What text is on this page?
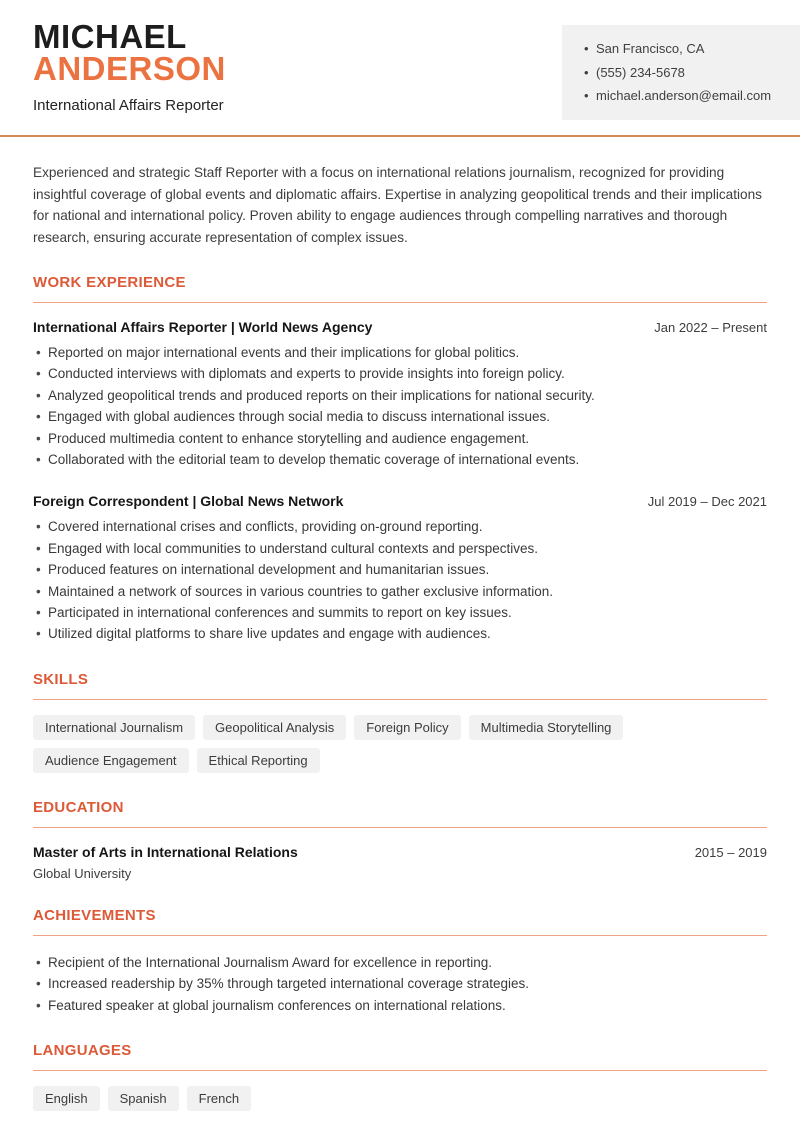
MICHAEL
ANDERSON
International Affairs Reporter
• San Francisco, CA
• (555) 234-5678
• michael.anderson@email.com

Experienced and strategic Staff Reporter with a focus on international relations journalism, recognized for providing insightful coverage of global events and diplomatic affairs. Expertise in analyzing geopolitical trends and their implications for national and international policy. Proven ability to engage audiences through compelling narratives and thorough research, ensuring accurate representation of complex issues.

WORK EXPERIENCE
International Affairs Reporter | World News Agency	Jan 2022 – Present
• Reported on major international events and their implications for global politics.
• Conducted interviews with diplomats and experts to provide insights into foreign policy.
• Analyzed geopolitical trends and produced reports on their implications for national security.
• Engaged with global audiences through social media to discuss international issues.
• Produced multimedia content to enhance storytelling and audience engagement.
• Collaborated with the editorial team to develop thematic coverage of international events.
Foreign Correspondent | Global News Network	Jul 2019 – Dec 2021
• Covered international crises and conflicts, providing on-ground reporting.
• Engaged with local communities to understand cultural contexts and perspectives.
• Produced features on international development and humanitarian issues.
• Maintained a network of sources in various countries to gather exclusive information.
• Participated in international conferences and summits to report on key issues.
• Utilized digital platforms to share live updates and engage with audiences.
SKILLS
International Journalism	Geopolitical Analysis	Foreign Policy	Multimedia Storytelling
Audience Engagement	Ethical Reporting
EDUCATION
Master of Arts in International Relations	2015 – 2019
Global University
ACHIEVEMENTS
• Recipient of the International Journalism Award for excellence in reporting.
• Increased readership by 35% through targeted international coverage strategies.
• Featured speaker at global journalism conferences on international relations.
LANGUAGES
English	Spanish	French
